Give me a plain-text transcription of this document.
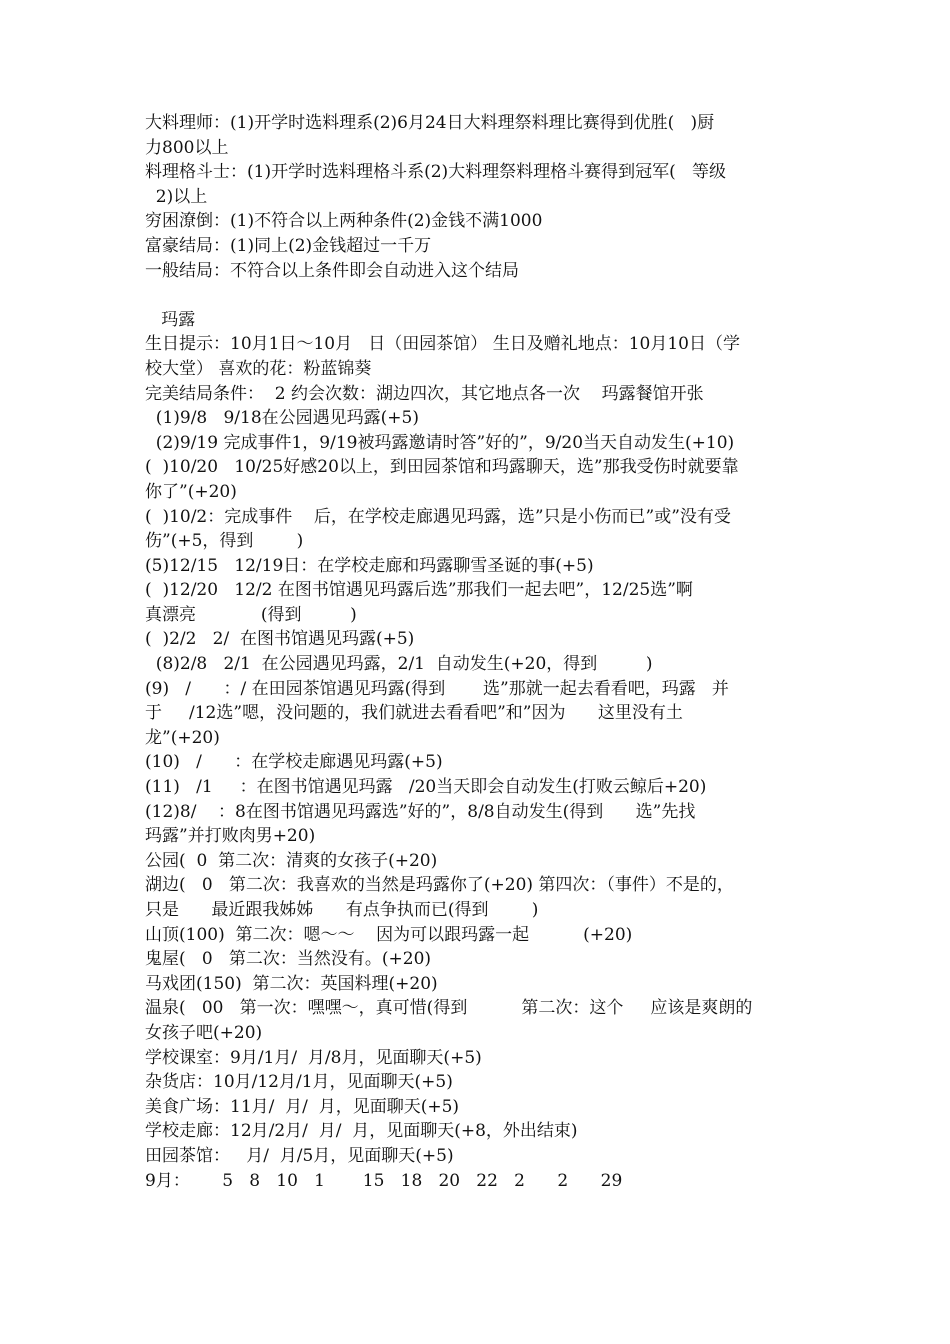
大料理师：(1)开学时选料理系(2)6月24日大料理祭料理比赛得到优胜(   )厨
力800以上
料理格斗士：(1)开学时选料理格斗系(2)大料理祭料理格斗赛得到冠军(   等级
2)以上
穷困潦倒：(1)不符合以上两种条件(2)金钱不满1000
富豪结局：(1)同上(2)金钱超过一千万
一般结局：不符合以上条件即会自动进入这个结局
玛露
生日提示：10月1日～10月   日（田园茶馆） 生日及赠礼地点：10月10日（学
校大堂） 喜欢的花：粉蓝锦葵
完美结局条件：  2 约会次数：湖边四次，其它地点各一次    玛露餐馆开张
(1)9/8   9/18在公园遇见玛露(+5)
(2)9/19 完成事件1，9/19被玛露邀请时答”好的”，9/20当天自动发生(+10)
(  )10/20   10/25好感20以上，到田园茶馆和玛露聊天，选”那我受伤时就要靠
你了”(+20)
(  )10/2：完成事件    后，在学校走廊遇见玛露，选”只是小伤而已”或”没有受
伤”(+5，得到        )
(5)12/15   12/19日：在学校走廊和玛露聊雪圣诞的事(+5)
(  )12/20   12/2 在图书馆遇见玛露后选”那我们一起去吧”，12/25选”啊
真漂亮            (得到         )
(  )2/2   2/  在图书馆遇见玛露(+5)
(8)2/8   2/1  在公园遇见玛露，2/1  自动发生(+20，得到         )
(9)   /      ：/ 在田园茶馆遇见玛露(得到       选”那就一起去看看吧，玛露   并
于     /12选”嗯，没问题的，我们就进去看看吧”和”因为      这里没有土
龙”(+20)
(10)   /      ：在学校走廊遇见玛露(+5)
(11)   /1     ：在图书馆遇见玛露   /20当天即会自动发生(打败云鲸后+20)
(12)8/    ：8在图书馆遇见玛露选”好的”，8/8自动发生(得到      选”先找
玛露”并打败肉男+20)
公园(  0  第二次：清爽的女孩子(+20)
湖边(   0   第二次：我喜欢的当然是玛露你了(+20) 第四次：（事件）不是的，
只是      最近跟我姊姊      有点争执而已(得到        )
山顶(100)  第二次：嗯～～    因为可以跟玛露一起          (+20)
鬼屋(   0   第二次：当然没有。(+20)
马戏团(150)  第二次：英国料理(+20)
温泉(   00   第一次：嘿嘿～，真可惜(得到          第二次：这个     应该是爽朗的
女孩子吧(+20)
学校课室：9月/1月/  月/8月，见面聊天(+5)
杂货店：10月/12月/1月，见面聊天(+5)
美食广场：11月/  月/  月，见面聊天(+5)
学校走廊：12月/2月/  月/  月，见面聊天(+8，外出结束)
田园茶馆：   月/  月/5月，见面聊天(+5)
9月：      5   8   10   1       15   18   20   22   2      2      29
